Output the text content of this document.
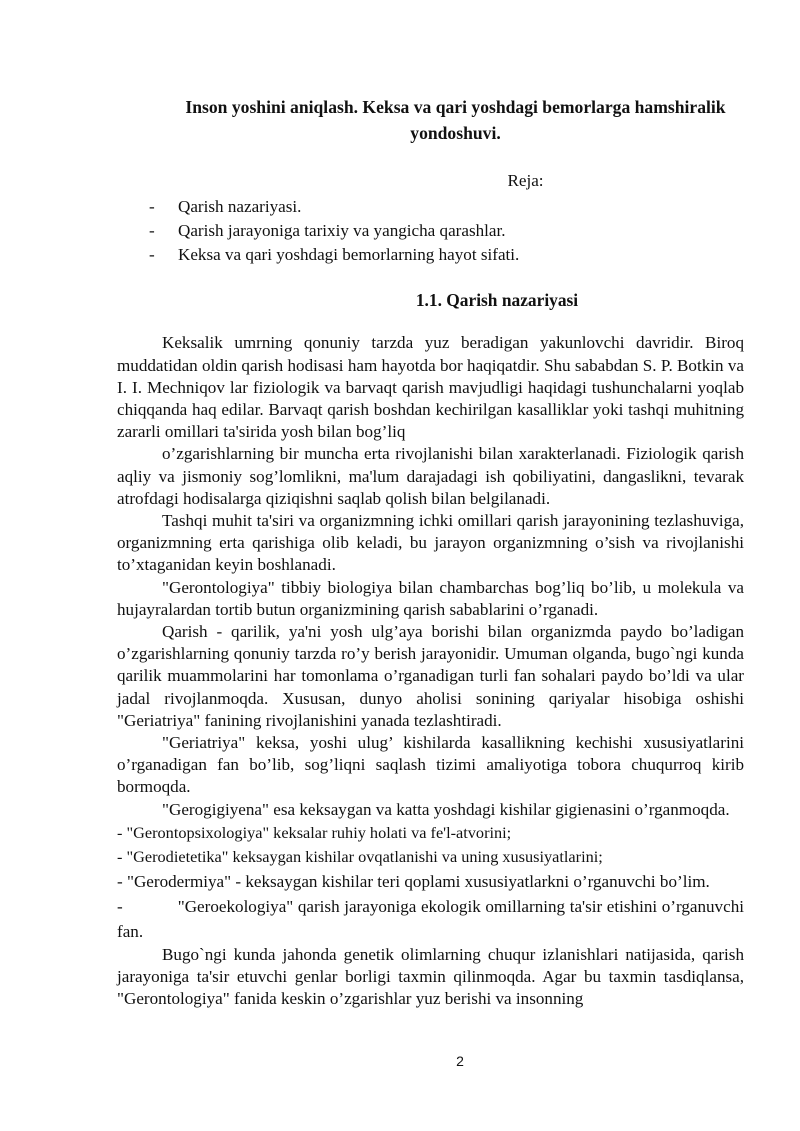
Inson yoshini aniqlash. Keksa va qari yoshdagi bemorlarga hamshiralik yondoshuvi.
Reja:
- Qarish nazariyasi.
- Qarish jarayoniga tarixiy va yangicha qarashlar.
- Keksa va qari yoshdagi bemorlarning hayot sifati.
1.1. Qarish nazariyasi

Keksalik umrning qonuniy tarzda yuz beradigan yakunlovchi davridir. Biroq muddatidan oldin qarish hodisasi ham hayotda bor haqiqatdir. Shu sababdan S. P. Botkin va I. I. Mechniqov lar fiziologik va barvaqt qarish mavjudligi haqidagi tushunchalarni yoqlab chiqqanda haq edilar. Barvaqt qarish boshdan kechirilgan kasalliklar yoki tashqi muhitning zararli omillari ta'sirida yosh bilan bog’liq

o’zgarishlarning bir muncha erta rivojlanishi bilan xarakterlanadi. Fiziologik qarish aqliy va jismoniy sog’lomlikni, ma'lum darajadagi ish qobiliyatini, dangaslikni, tevarak atrofdagi hodisalarga qiziqishni saqlab qolish bilan belgilanadi.

Tashqi muhit ta'siri va organizmning ichki omillari qarish jarayonining tezlashuviga, organizmning erta qarishiga olib keladi, bu jarayon organizmning o’sish va rivojlanishi to’xtaganidan keyin boshlanadi.

"Gerontologiya" tibbiy biologiya bilan chambarchas bog’liq bo’lib, u molekula va hujayralardan tortib butun organizmining qarish sabablarini o’rganadi.

Qarish - qarilik, ya'ni yosh ulg’aya borishi bilan organizmda paydo bo’ladigan o’zgarishlarning qonuniy tarzda ro’y berish jarayonidir. Umuman olganda, bugo`ngi kunda qarilik muammolarini har tomonlama o’rganadigan turli fan sohalari paydo bo’ldi va ular jadal rivojlanmoqda. Xususan, dunyo aholisi sonining qariyalar hisobiga oshishi "Geriatriya" fanining rivojlanishini yanada tezlashtiradi.

"Geriatriya" keksa, yoshi ulug’ kishilarda kasallikning kechishi xususiyatlarini o’rganadigan fan bo’lib, sog’liqni saqlash tizimi amaliyotiga tobora chuqurroq kirib bormoqda.

"Gerogigiyena" esa keksaygan va katta yoshdagi kishilar gigienasini o’rganmoqda.

- "Gerontopsixologiya" keksalar ruhiy holati va fe'l-atvorini;
- "Gerodietetika" keksaygan kishilar ovqatlanishi va uning xususiyatlarini;
- "Gerodermiya" - keksaygan kishilar teri qoplami xususiyatlarkni o’rganuvchi bo’lim.
-            "Geroekologiya" qarish jarayoniga ekologik omillarning ta'sir etishini o’rganuvchi fan.

Bugo`ngi kunda jahonda genetik olimlarning chuqur izlanishlari natijasida, qarish jarayoniga ta'sir etuvchi genlar borligi taxmin qilinmoqda. Agar bu taxmin tasdiqlansa, "Gerontologiya" fanida keskin o’zgarishlar yuz berishi va insonning

2
